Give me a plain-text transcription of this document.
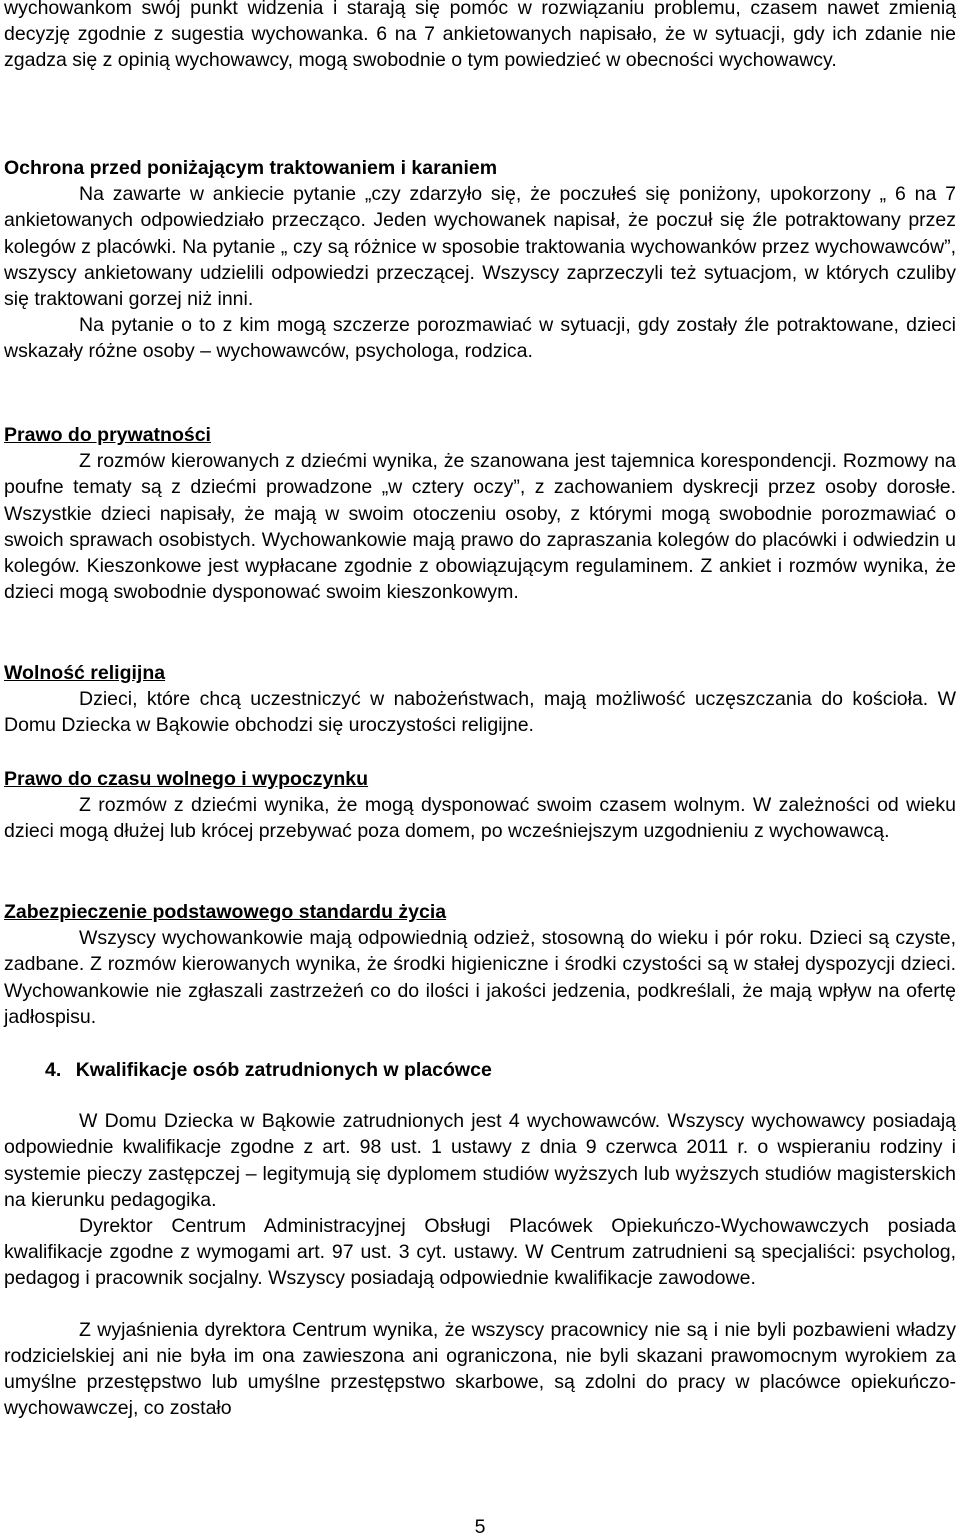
wychowankom swój punkt widzenia i starają się pomóc w rozwiązaniu problemu, czasem nawet zmienią decyzję zgodnie z sugestia wychowanka. 6 na 7 ankietowanych napisało, że w sytuacji, gdy ich zdanie nie zgadza się z opinią wychowawcy, mogą swobodnie o tym powiedzieć w obecności wychowawcy.

Ochrona przed poniżającym traktowaniem i karaniem

Na zawarte w ankiecie pytanie „czy zdarzyło się, że poczułeś się poniżony, upokorzony „ 6 na 7 ankietowanych odpowiedziało przecząco. Jeden wychowanek napisał, że poczuł się źle potraktowany przez kolegów z placówki. Na pytanie „ czy są różnice w sposobie traktowania wychowanków przez wychowawców”, wszyscy ankietowany udzielili odpowiedzi przeczącej. Wszyscy zaprzeczyli też sytuacjom, w których czuliby się traktowani gorzej niż inni.

Na pytanie o to z kim mogą szczerze porozmawiać w sytuacji, gdy zostały źle potraktowane, dzieci wskazały różne osoby – wychowawców, psychologa, rodzica.

Prawo do prywatności

Z rozmów kierowanych z dziećmi wynika, że szanowana jest tajemnica korespondencji. Rozmowy na poufne tematy są z dziećmi prowadzone „w cztery oczy”, z zachowaniem dyskrecji przez osoby dorosłe. Wszystkie dzieci napisały, że mają w swoim otoczeniu osoby, z którymi mogą swobodnie porozmawiać o swoich sprawach osobistych. Wychowankowie mają prawo do zapraszania kolegów do placówki i odwiedzin u kolegów. Kieszonkowe jest wypłacane zgodnie z obowiązującym regulaminem. Z ankiet i rozmów wynika, że dzieci mogą swobodnie dysponować swoim kieszonkowym.

Wolność religijna

Dzieci, które chcą uczestniczyć w nabożeństwach, mają możliwość uczęszczania do kościoła. W Domu Dziecka w Bąkowie obchodzi się uroczystości religijne.

Prawo do czasu wolnego i wypoczynku

Z rozmów z dziećmi wynika, że mogą dysponować swoim czasem wolnym. W zależności od wieku dzieci mogą dłużej lub krócej przebywać poza domem, po wcześniejszym uzgodnieniu z wychowawcą.

Zabezpieczenie podstawowego standardu życia

Wszyscy wychowankowie mają odpowiednią odzież, stosowną do wieku i pór roku. Dzieci są czyste, zadbane. Z rozmów kierowanych wynika, że środki higieniczne i środki czystości są w stałej dyspozycji dzieci. Wychowankowie nie zgłaszali zastrzeżeń co do ilości i jakości jedzenia, podkreślali, że mają wpływ na ofertę jadłospisu.

4. Kwalifikacje osób zatrudnionych w placówce

W Domu Dziecka w Bąkowie zatrudnionych jest 4 wychowawców. Wszyscy wychowawcy posiadają odpowiednie kwalifikacje zgodne z art. 98 ust. 1 ustawy z dnia 9 czerwca 2011 r. o wspieraniu rodziny i systemie pieczy zastępczej – legitymują się dyplomem studiów wyższych lub wyższych studiów magisterskich na kierunku pedagogika.

Dyrektor Centrum Administracyjnej Obsługi Placówek Opiekuńczo-Wychowawczych posiada kwalifikacje zgodne z wymogami art. 97 ust. 3 cyt. ustawy. W Centrum zatrudnieni są specjaliści: psycholog, pedagog i pracownik socjalny. Wszyscy posiadają odpowiednie kwalifikacje zawodowe.

Z wyjaśnienia dyrektora Centrum wynika, że wszyscy pracownicy nie są i nie byli pozbawieni władzy rodzicielskiej ani nie była im ona zawieszona ani ograniczona, nie byli skazani prawomocnym wyrokiem za umyślne przestępstwo lub umyślne przestępstwo skarbowe, są zdolni do pracy w placówce opiekuńczo-wychowawczej, co zostało

5
